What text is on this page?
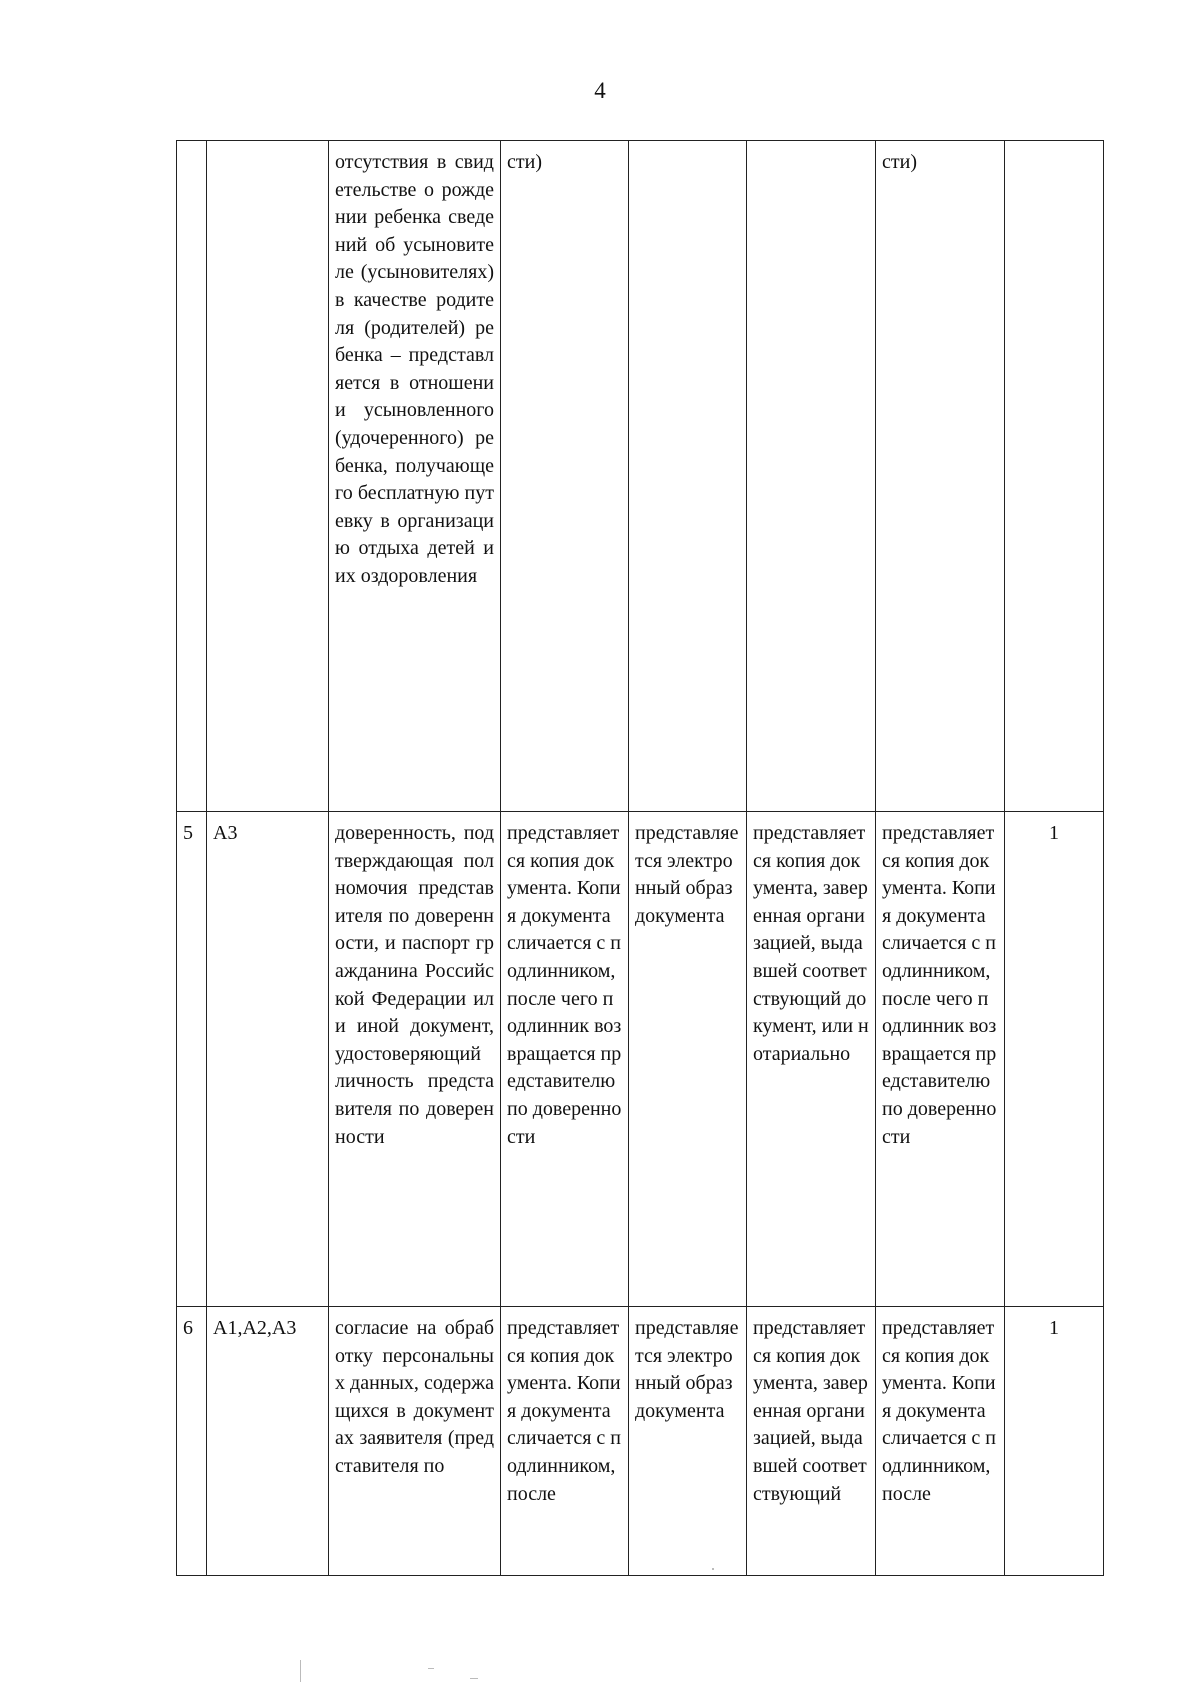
4
		отсутствия в свидетельстве о рождении ребенка сведений об усыновителе (усыновителях) в качестве родителя (родителей) ребенка – представляется в отношении усыновленного (удочеренного) ребенка, получающего бесплатную путевку в организацию отдыха детей и их оздоровления	сти)			сти)	
5	А3	доверенность, подтверждающая полномочия представителя по доверенности, и паспорт гражданина Российской Федерации или иной документ, удостоверяющий личность представителя по доверенности	представляется копия документа. Копия документа сличается с подлинником, после чего подлинник возвращается представителю по доверенности	представляется электронный образ документа	представляется копия документа, заверенная организацией, выдавшей соответствующий документ, или нотариально	представляется копия документа. Копия документа сличается с подлинником, после чего подлинник возвращается представителю по доверенности	1
6	А1,А2,А3	согласие на обработку персональных данных, содержащихся в документах заявителя (представителя по	представляется копия документа. Копия документа сличается с подлинником, после	представляется электронный образ документа	представляется копия документа, заверенная организацией, выдавшей соответствующий	представляется копия документа. Копия документа сличается с подлинником, после	1
